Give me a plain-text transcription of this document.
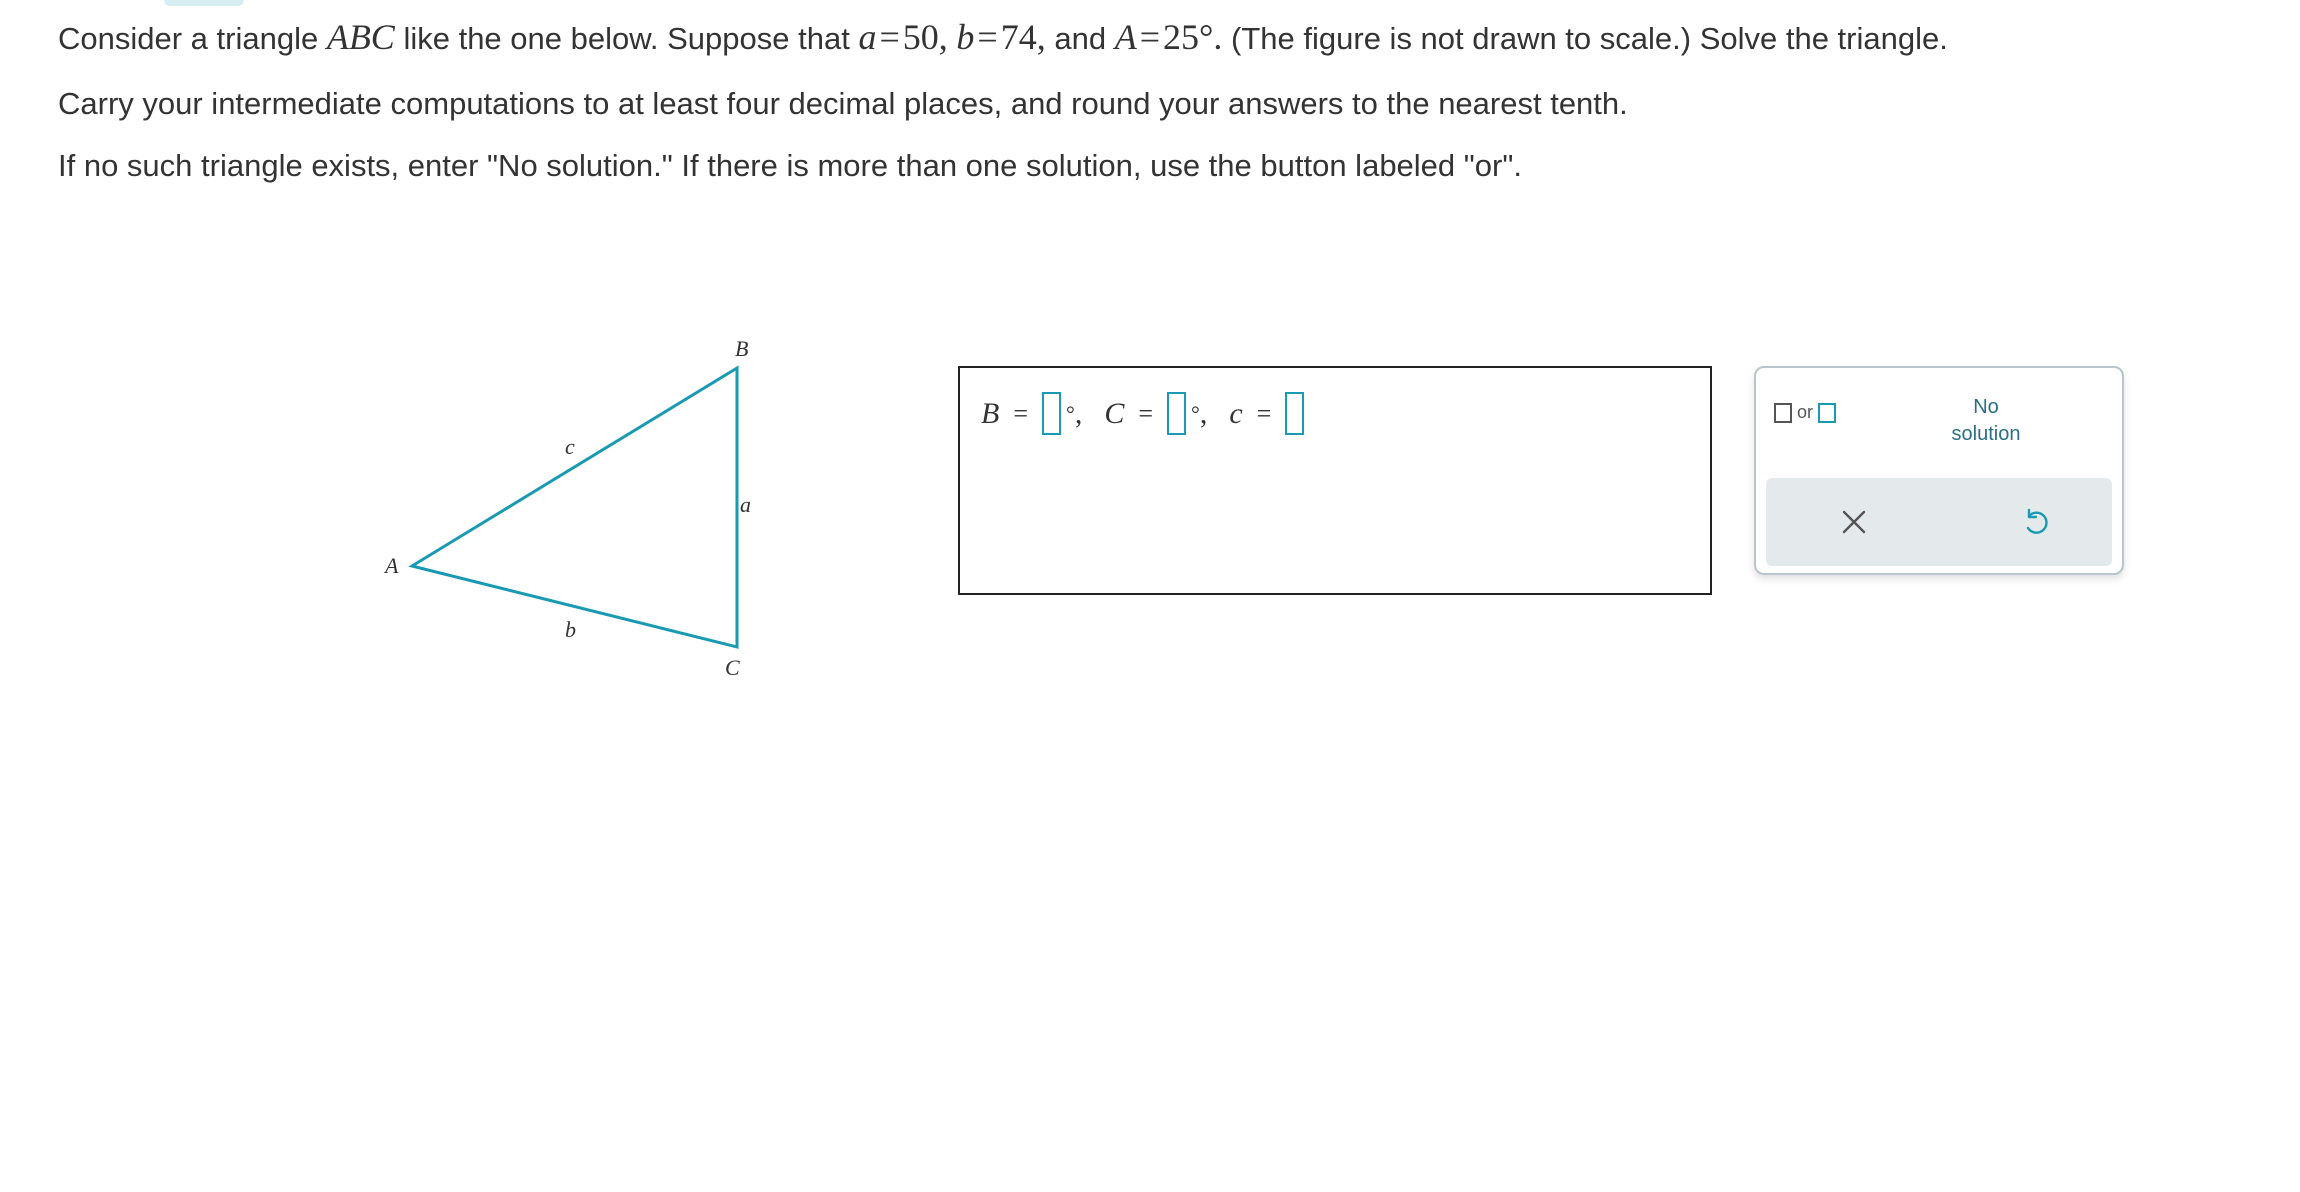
Consider a triangle ABC like the one below. Suppose that a=50, b=74, and A=25°. (The figure is not drawn to scale.) Solve the triangle.
Carry your intermediate computations to at least four decimal places, and round your answers to the nearest tenth.
If no such triangle exists, enter "No solution." If there is more than one solution, use the button labeled "or".
A
B
C
a
b
c
B = ° , C = ° , c =	or	No
solution
